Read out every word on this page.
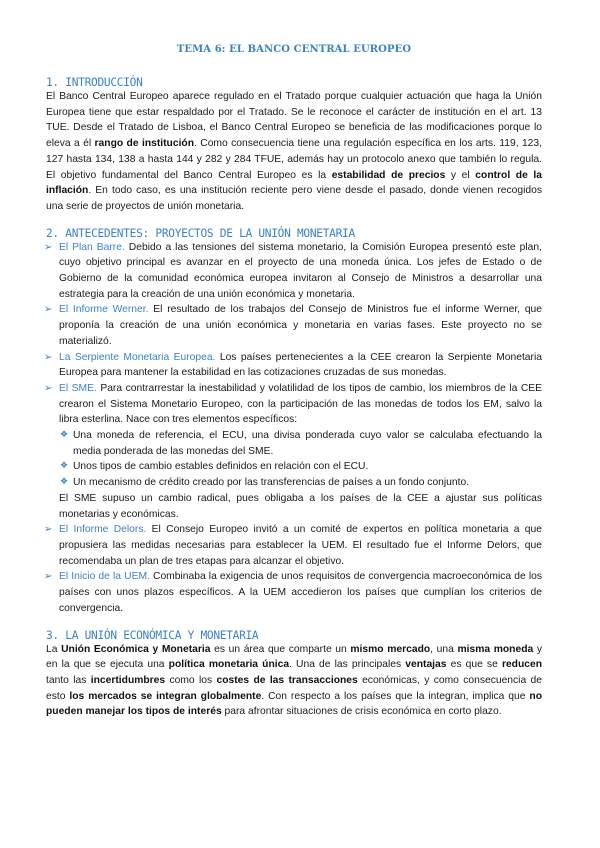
TEMA 6: EL BANCO CENTRAL EUROPEO
1. INTRODUCCIÓN

El Banco Central Europeo aparece regulado en el Tratado porque cualquier actuación que haga la Unión Europea tiene que estar respaldado por el Tratado. Se le reconoce el carácter de institución en el art. 13 TUE. Desde el Tratado de Lisboa, el Banco Central Europeo se beneficia de las modificaciones porque lo eleva a él rango de institución. Como consecuencia tiene una regulación específica en los arts. 119, 123, 127 hasta 134, 138 a hasta 144 y 282 y 284 TFUE, además hay un protocolo anexo que también lo regula. El objetivo fundamental del Banco Central Europeo es la estabilidad de precios y el control de la inflación. En todo caso, es una institución reciente pero viene desde el pasado, donde vienen recogidos una serie de proyectos de unión monetaria.

2. ANTECEDENTES: PROYECTOS DE LA UNIÓN MONETARIA
➢ El Plan Barre. Debido a las tensiones del sistema monetario, la Comisión Europea presentó este plan, cuyo objetivo principal es avanzar en el proyecto de una moneda única. Los jefes de Estado o de Gobierno de la comunidad económica europea invitaron al Consejo de Ministros a desarrollar una estrategia para la creación de una unión económica y monetaria.
➢ El Informe Werner. El resultado de los trabajos del Consejo de Ministros fue el informe Werner, que proponía la creación de una unión económica y monetaria en varias fases. Este proyecto no se materializó.
➢ La Serpiente Monetaria Europea. Los países pertenecientes a la CEE crearon la Serpiente Monetaria Europea para mantener la estabilidad en las cotizaciones cruzadas de sus monedas.
➢ El SME. Para contrarrestar la inestabilidad y volatilidad de los tipos de cambio, los miembros de la CEE crearon el Sistema Monetario Europeo, con la participación de las monedas de todos los EM, salvo la libra esterlina. Nace con tres elementos específicos:
❖ Una moneda de referencia, el ECU, una divisa ponderada cuyo valor se calculaba efectuando la media ponderada de las monedas del SME.
❖ Unos tipos de cambio estables definidos en relación con el ECU.
❖ Un mecanismo de crédito creado por las transferencias de países a un fondo conjunto.
El SME supuso un cambio radical, pues obligaba a los países de la CEE a ajustar sus políticas monetarias y económicas.
➢ El Informe Delors. El Consejo Europeo invitó a un comité de expertos en política monetaria a que propusiera las medidas necesarias para establecer la UEM. El resultado fue el Informe Delors, que recomendaba un plan de tres etapas para alcanzar el objetivo.
➢ El Inicio de la UEM. Combinaba la exigencia de unos requisitos de convergencia macroeconómica de los países con unos plazos específicos. A la UEM accedieron los países que cumplían los criterios de convergencia.
3. LA UNIÓN ECONÓMICA Y MONETARIA

La Unión Económica y Monetaria es un área que comparte un mismo mercado, una misma moneda y en la que se ejecuta una política monetaria única. Una de las principales ventajas es que se reducen tanto las incertidumbres como los costes de las transacciones económicas, y como consecuencia de esto los mercados se integran globalmente. Con respecto a los países que la integran, implica que no pueden manejar los tipos de interés para afrontar situaciones de crisis económica en corto plazo.
